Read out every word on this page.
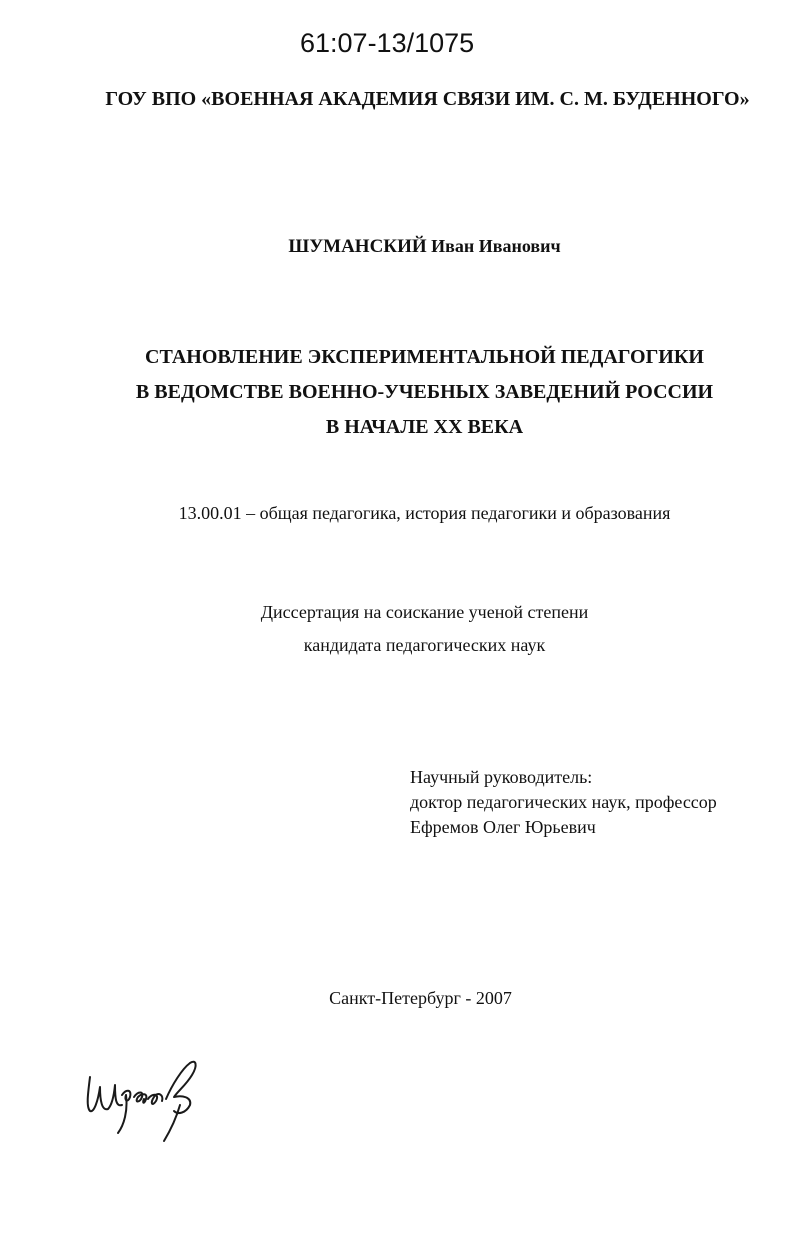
61:07-13/1075
ГОУ ВПО «ВОЕННАЯ АКАДЕМИЯ СВЯЗИ ИМ. С. М. БУДЕННОГО»
ШУМАНСКИЙ Иван Иванович
СТАНОВЛЕНИЕ ЭКСПЕРИМЕНТАЛЬНОЙ ПЕДАГОГИКИ
В ВЕДОМСТВЕ ВОЕННО-УЧЕБНЫХ ЗАВЕДЕНИЙ РОССИИ
В НАЧАЛЕ XX ВЕКА
13.00.01 – общая педагогика, история педагогики и образования
Диссертация на соискание ученой степени
кандидата педагогических наук
Научный руководитель:
доктор педагогических наук, профессор
Ефремов Олег Юрьевич
Санкт-Петербург - 2007
